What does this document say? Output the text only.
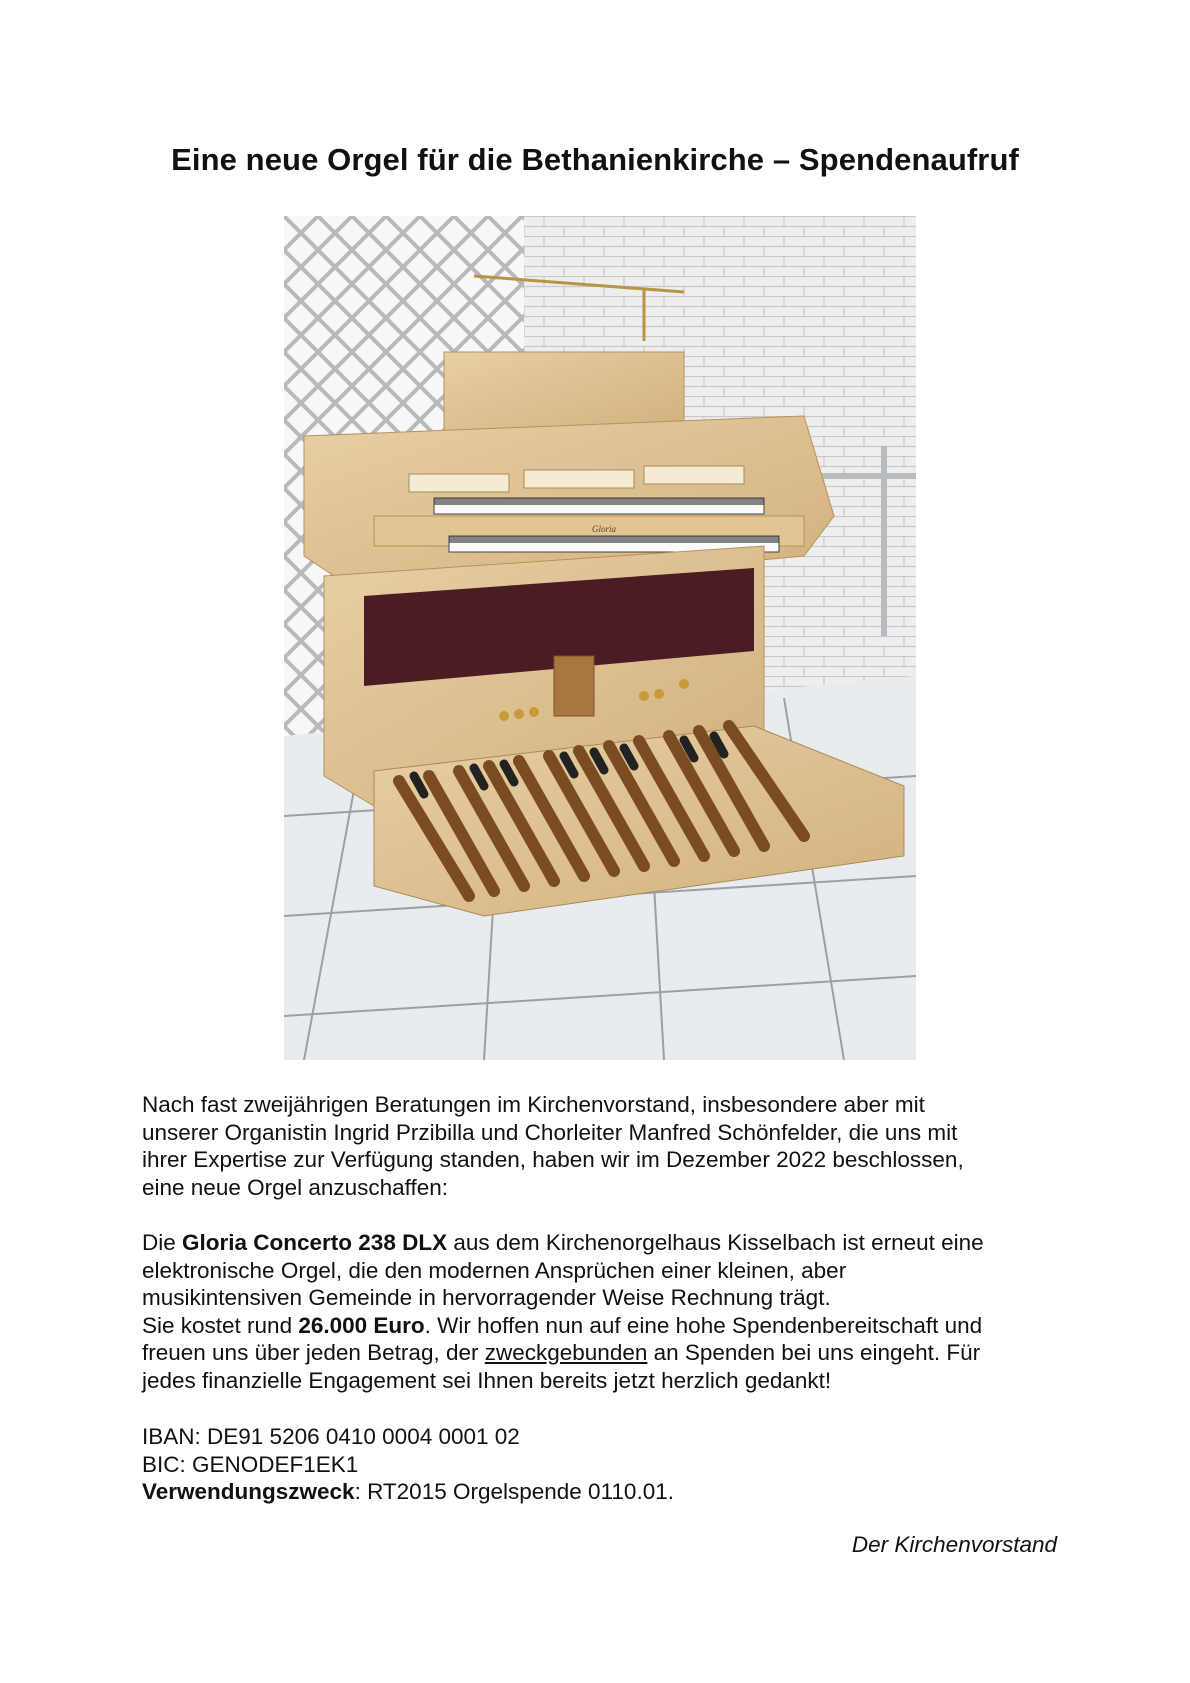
Eine neue Orgel für die Bethanienkirche – Spendenaufruf
Gloria
Nach fast zweijährigen Beratungen im Kirchenvorstand, insbesondere aber mit
unserer Organistin Ingrid Przibilla und Chorleiter Manfred Schönfelder, die uns mit
ihrer Expertise zur Verfügung standen, haben wir im Dezember 2022 beschlossen,
eine neue Orgel anzuschaffen:
Die Gloria Concerto 238 DLX aus dem Kirchenorgelhaus Kisselbach ist erneut eine
elektronische Orgel, die den modernen Ansprüchen einer kleinen, aber
musikintensiven Gemeinde in hervorragender Weise Rechnung trägt.
Sie kostet rund 26.000 Euro. Wir hoffen nun auf eine hohe Spendenbereitschaft und
freuen uns über jeden Betrag, der zweckgebunden an Spenden bei uns eingeht. Für
jedes finanzielle Engagement sei Ihnen bereits jetzt herzlich gedankt!
IBAN: DE91 5206 0410 0004 0001 02
BIC: GENODEF1EK1
Verwendungszweck: RT2015 Orgelspende 0110.01.
Der Kirchenvorstand
